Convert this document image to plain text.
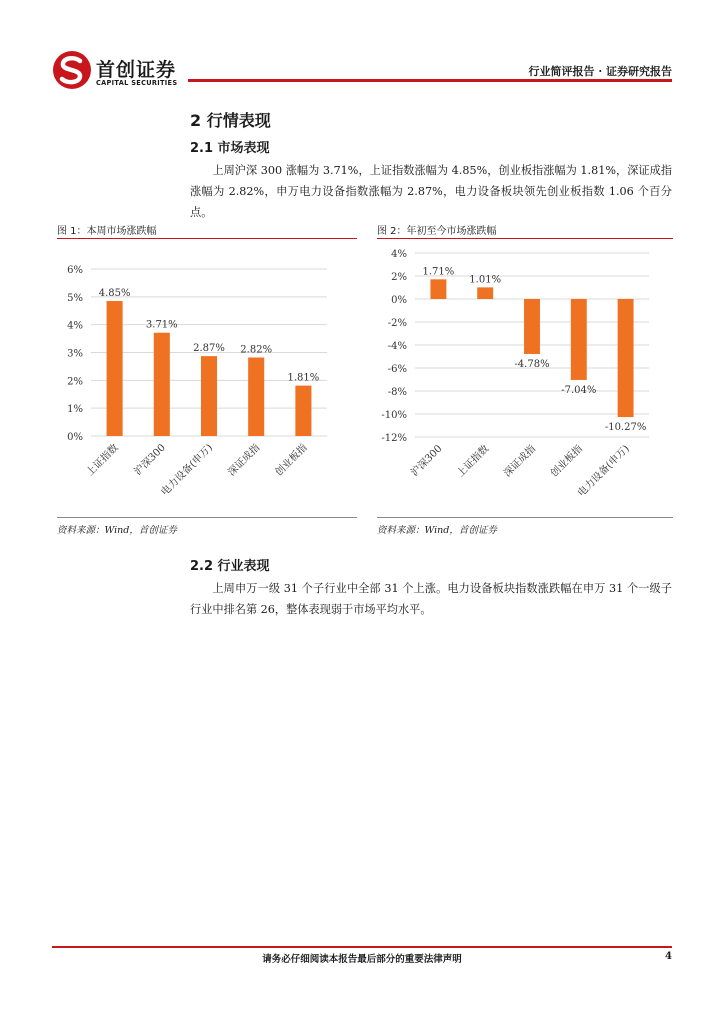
首创证券
CAPITAL SECURITIES
行业简评报告 · 证券研究报告
2 行情表现
2.1 市场表现
上周沪深 300 涨幅为 3.71%，上证指数涨幅为 4.85%，创业板指涨幅为 1.81%，深证成指涨幅为 2.82%，申万电力设备指数涨幅为 2.87%，电力设备板块领先创业板指数 1.06 个百分点。
图 1：本周市场涨跌幅	图 2：年初至今市场涨跌幅
0%
1%
2%
3%
4%
5%
6%
4.85%
上证指数
3.71%
沪深300
2.87%
电力设备(申万)
2.82%
深证成指
1.81%
创业板指
-12%
-10%
-8%
-6%
-4%
-2%
0%
2%
4%
1.71%
沪深300
1.01%
上证指数
-4.78%
深证成指
-7.04%
创业板指
-10.27%
电力设备(申万)
资料来源：Wind，首创证券	资料来源：Wind，首创证券
2.2 行业表现
上周申万一级 31 个子行业中全部 31 个上涨。电力设备板块指数涨跌幅在申万 31 个一级子行业中排名第 26，整体表现弱于市场平均水平。
请务必仔细阅读本报告最后部分的重要法律声明	4
